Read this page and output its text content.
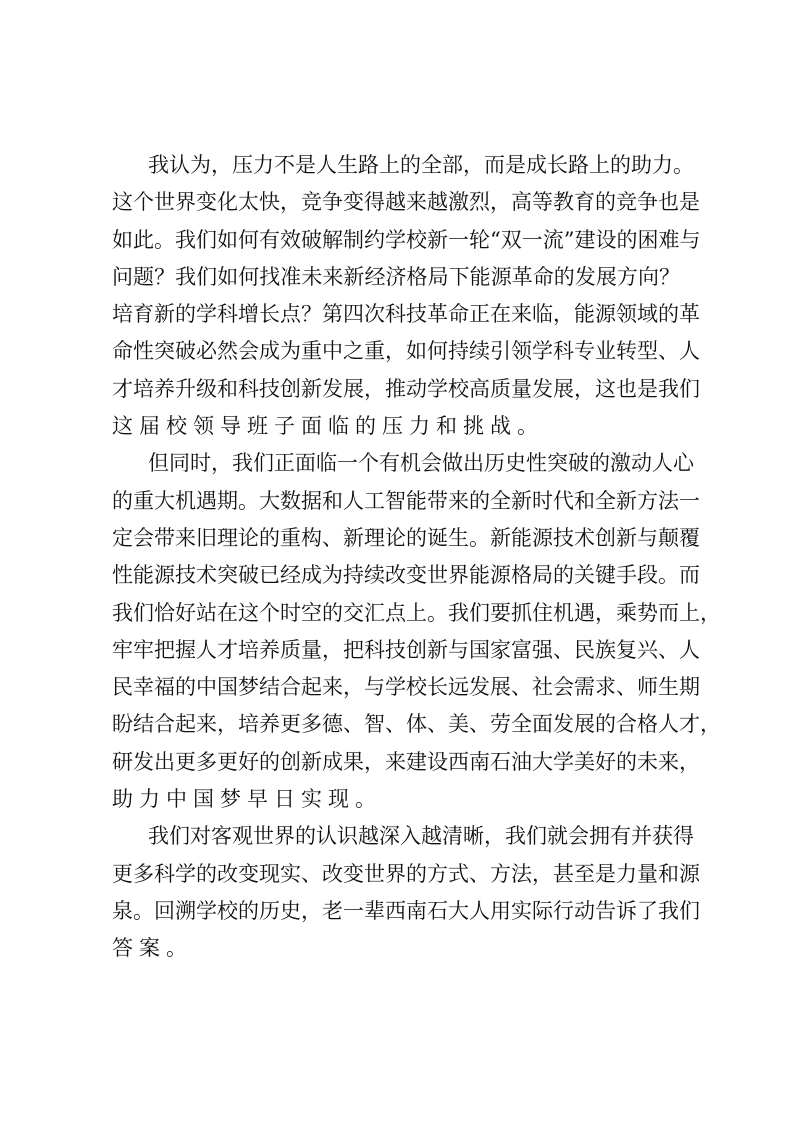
我认为，压力不是人生路上的全部，而是成长路上的助力。
这个世界变化太快，竞争变得越来越激烈，高等教育的竞争也是
如此。我们如何有效破解制约学校新一轮“双一流”建设的困难与
问题？我们如何找准未来新经济格局下能源革命的发展方向？
培育新的学科增长点？第四次科技革命正在来临，能源领域的革
命性突破必然会成为重中之重，如何持续引领学科专业转型、人
才培养升级和科技创新发展，推动学校高质量发展，这也是我们
这届校领导班子面临的压力和挑战。
但同时，我们正面临一个有机会做出历史性突破的激动人心
的重大机遇期。大数据和人工智能带来的全新时代和全新方法一
定会带来旧理论的重构、新理论的诞生。新能源技术创新与颠覆
性能源技术突破已经成为持续改变世界能源格局的关键手段。而
我们恰好站在这个时空的交汇点上。我们要抓住机遇，乘势而上，
牢牢把握人才培养质量，把科技创新与国家富强、民族复兴、人
民幸福的中国梦结合起来，与学校长远发展、社会需求、师生期
盼结合起来，培养更多德、智、体、美、劳全面发展的合格人才，
研发出更多更好的创新成果，来建设西南石油大学美好的未来，
助力中国梦早日实现。
我们对客观世界的认识越深入越清晰，我们就会拥有并获得
更多科学的改变现实、改变世界的方式、方法，甚至是力量和源
泉。回溯学校的历史，老一辈西南石大人用实际行动告诉了我们
答案。
